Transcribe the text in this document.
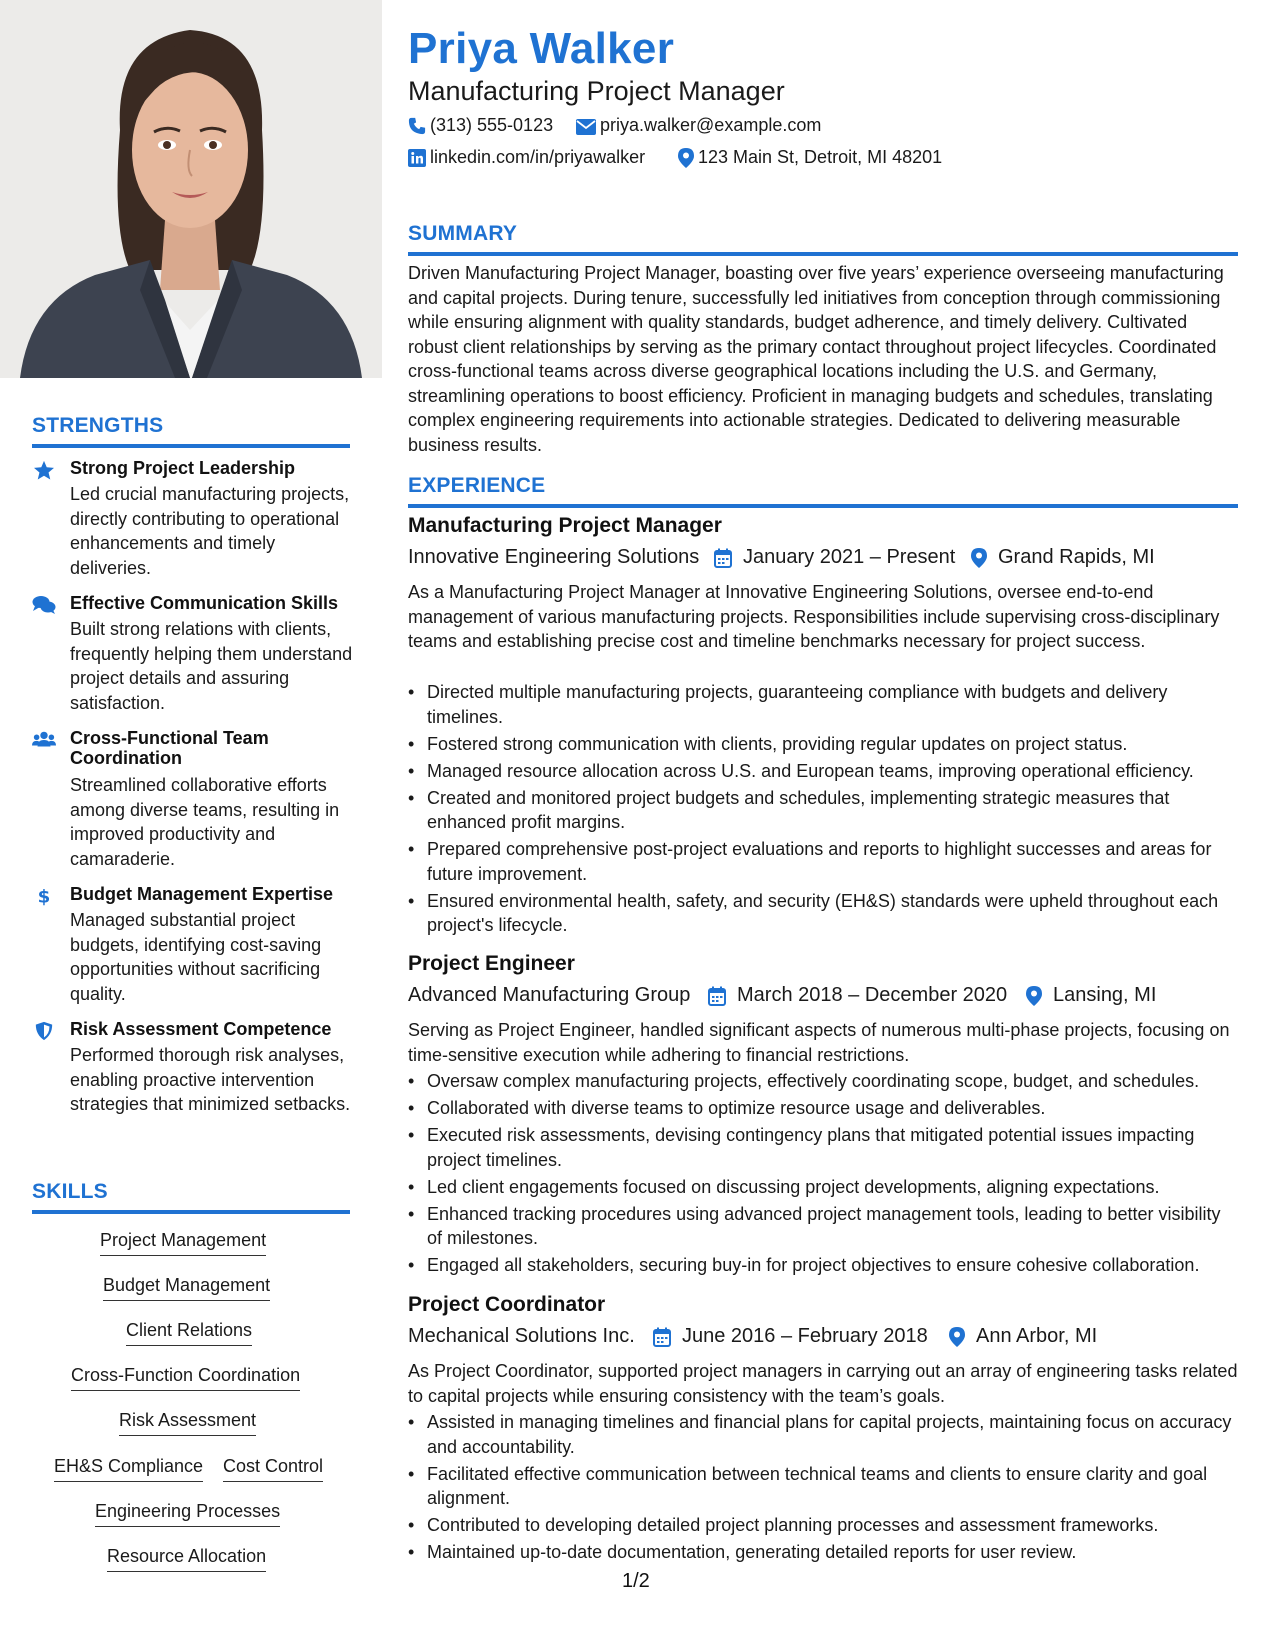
STRENGTHS
Strong Project Leadership
Led crucial manufacturing projects, directly contributing to operational enhancements and timely deliveries.
Effective Communication Skills
Built strong relations with clients, frequently helping them understand project details and assuring satisfaction.
Cross-Functional Team Coordination
Streamlined collaborative efforts among diverse teams, resulting in improved productivity and camaraderie.
$ Budget Management Expertise
Managed substantial project budgets, identifying cost-saving opportunities without sacrificing quality.
Risk Assessment Competence
Performed thorough risk analyses, enabling proactive intervention strategies that minimized setbacks.
SKILLS
Project Management
Budget Management
Client Relations
Cross-Function Coordination
Risk Assessment
EH&S Compliance Cost Control
Engineering Processes
Resource Allocation
Priya Walker
Manufacturing Project Manager
(313) 555-0123	priya.walker@example.com
linkedin.com/in/priyawalker	123 Main St, Detroit, MI 48201
SUMMARY
Driven Manufacturing Project Manager, boasting over five years’ experience overseeing manufacturing and capital projects. During tenure, successfully led initiatives from conception through commissioning while ensuring alignment with quality standards, budget adherence, and timely delivery. Cultivated robust client relationships by serving as the primary contact throughout project lifecycles. Coordinated cross-functional teams across diverse geographical locations including the U.S. and Germany, streamlining operations to boost efficiency. Proficient in managing budgets and schedules, translating complex engineering requirements into actionable strategies. Dedicated to delivering measurable business results.
EXPERIENCE
Manufacturing Project Manager
Innovative Engineering Solutions January 2021 – Present Grand Rapids, MI
As a Manufacturing Project Manager at Innovative Engineering Solutions, oversee end-to-end management of various manufacturing projects. Responsibilities include supervising cross-disciplinary teams and establishing precise cost and timeline benchmarks necessary for project success.
• Directed multiple manufacturing projects, guaranteeing compliance with budgets and delivery timelines.
• Fostered strong communication with clients, providing regular updates on project status.
• Managed resource allocation across U.S. and European teams, improving operational efficiency.
• Created and monitored project budgets and schedules, implementing strategic measures that enhanced profit margins.
• Prepared comprehensive post-project evaluations and reports to highlight successes and areas for future improvement.
• Ensured environmental health, safety, and security (EH&S) standards were upheld throughout each project's lifecycle.
Project Engineer
Advanced Manufacturing Group March 2018 – December 2020 Lansing, MI
Serving as Project Engineer, handled significant aspects of numerous multi-phase projects, focusing on time-sensitive execution while adhering to financial restrictions.
• Oversaw complex manufacturing projects, effectively coordinating scope, budget, and schedules.
• Collaborated with diverse teams to optimize resource usage and deliverables.
• Executed risk assessments, devising contingency plans that mitigated potential issues impacting project timelines.
• Led client engagements focused on discussing project developments, aligning expectations.
• Enhanced tracking procedures using advanced project management tools, leading to better visibility of milestones.
• Engaged all stakeholders, securing buy-in for project objectives to ensure cohesive collaboration.
Project Coordinator
Mechanical Solutions Inc. June 2016 – February 2018 Ann Arbor, MI
As Project Coordinator, supported project managers in carrying out an array of engineering tasks related to capital projects while ensuring consistency with the team’s goals.
• Assisted in managing timelines and financial plans for capital projects, maintaining focus on accuracy and accountability.
• Facilitated effective communication between technical teams and clients to ensure clarity and goal alignment.
• Contributed to developing detailed project planning processes and assessment frameworks.
• Maintained up-to-date documentation, generating detailed reports for user review.
1/2
